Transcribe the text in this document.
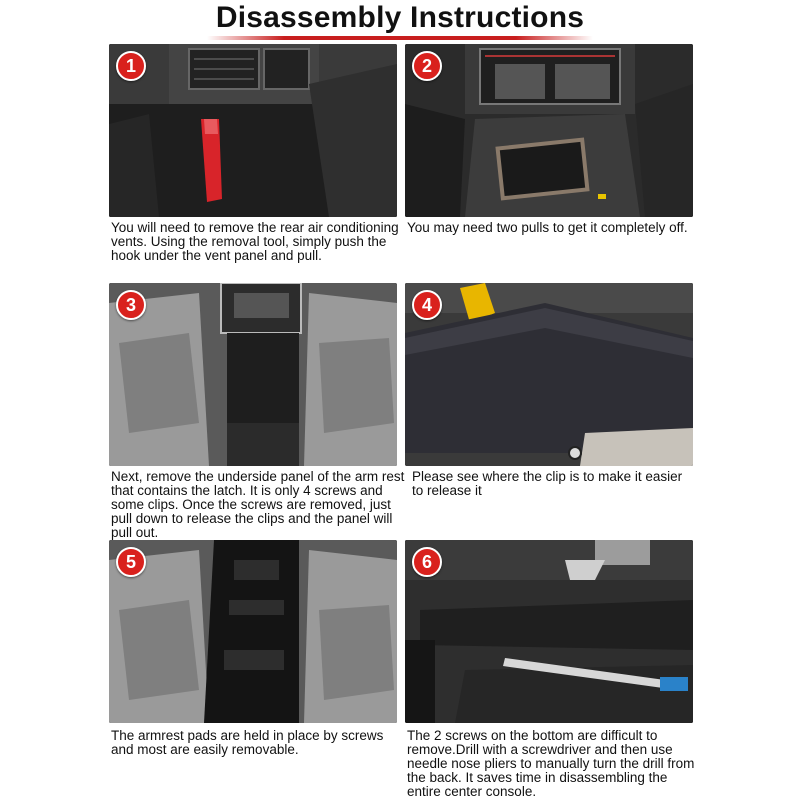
Disassembly Instructions
1

You will need to remove the rear air conditioning vents. Using the removal tool, simply push the hook under the vent panel and pull.

2

You may need two pulls to get it completely off.

3

Next, remove the underside panel of the arm rest that contains the latch. It is only 4 screws and some clips. Once the screws are removed, just pull down to release the clips and the panel will pull out.

4

Please see where the clip is to make it easier to release it

5

The armrest pads are held in place by screws and most are easily removable.

6

The 2 screws on the bottom are difficult to remove.Drill with a screwdriver and then use needle nose pliers to manually turn the drill from the back. It saves time in disassembling the entire center console.
